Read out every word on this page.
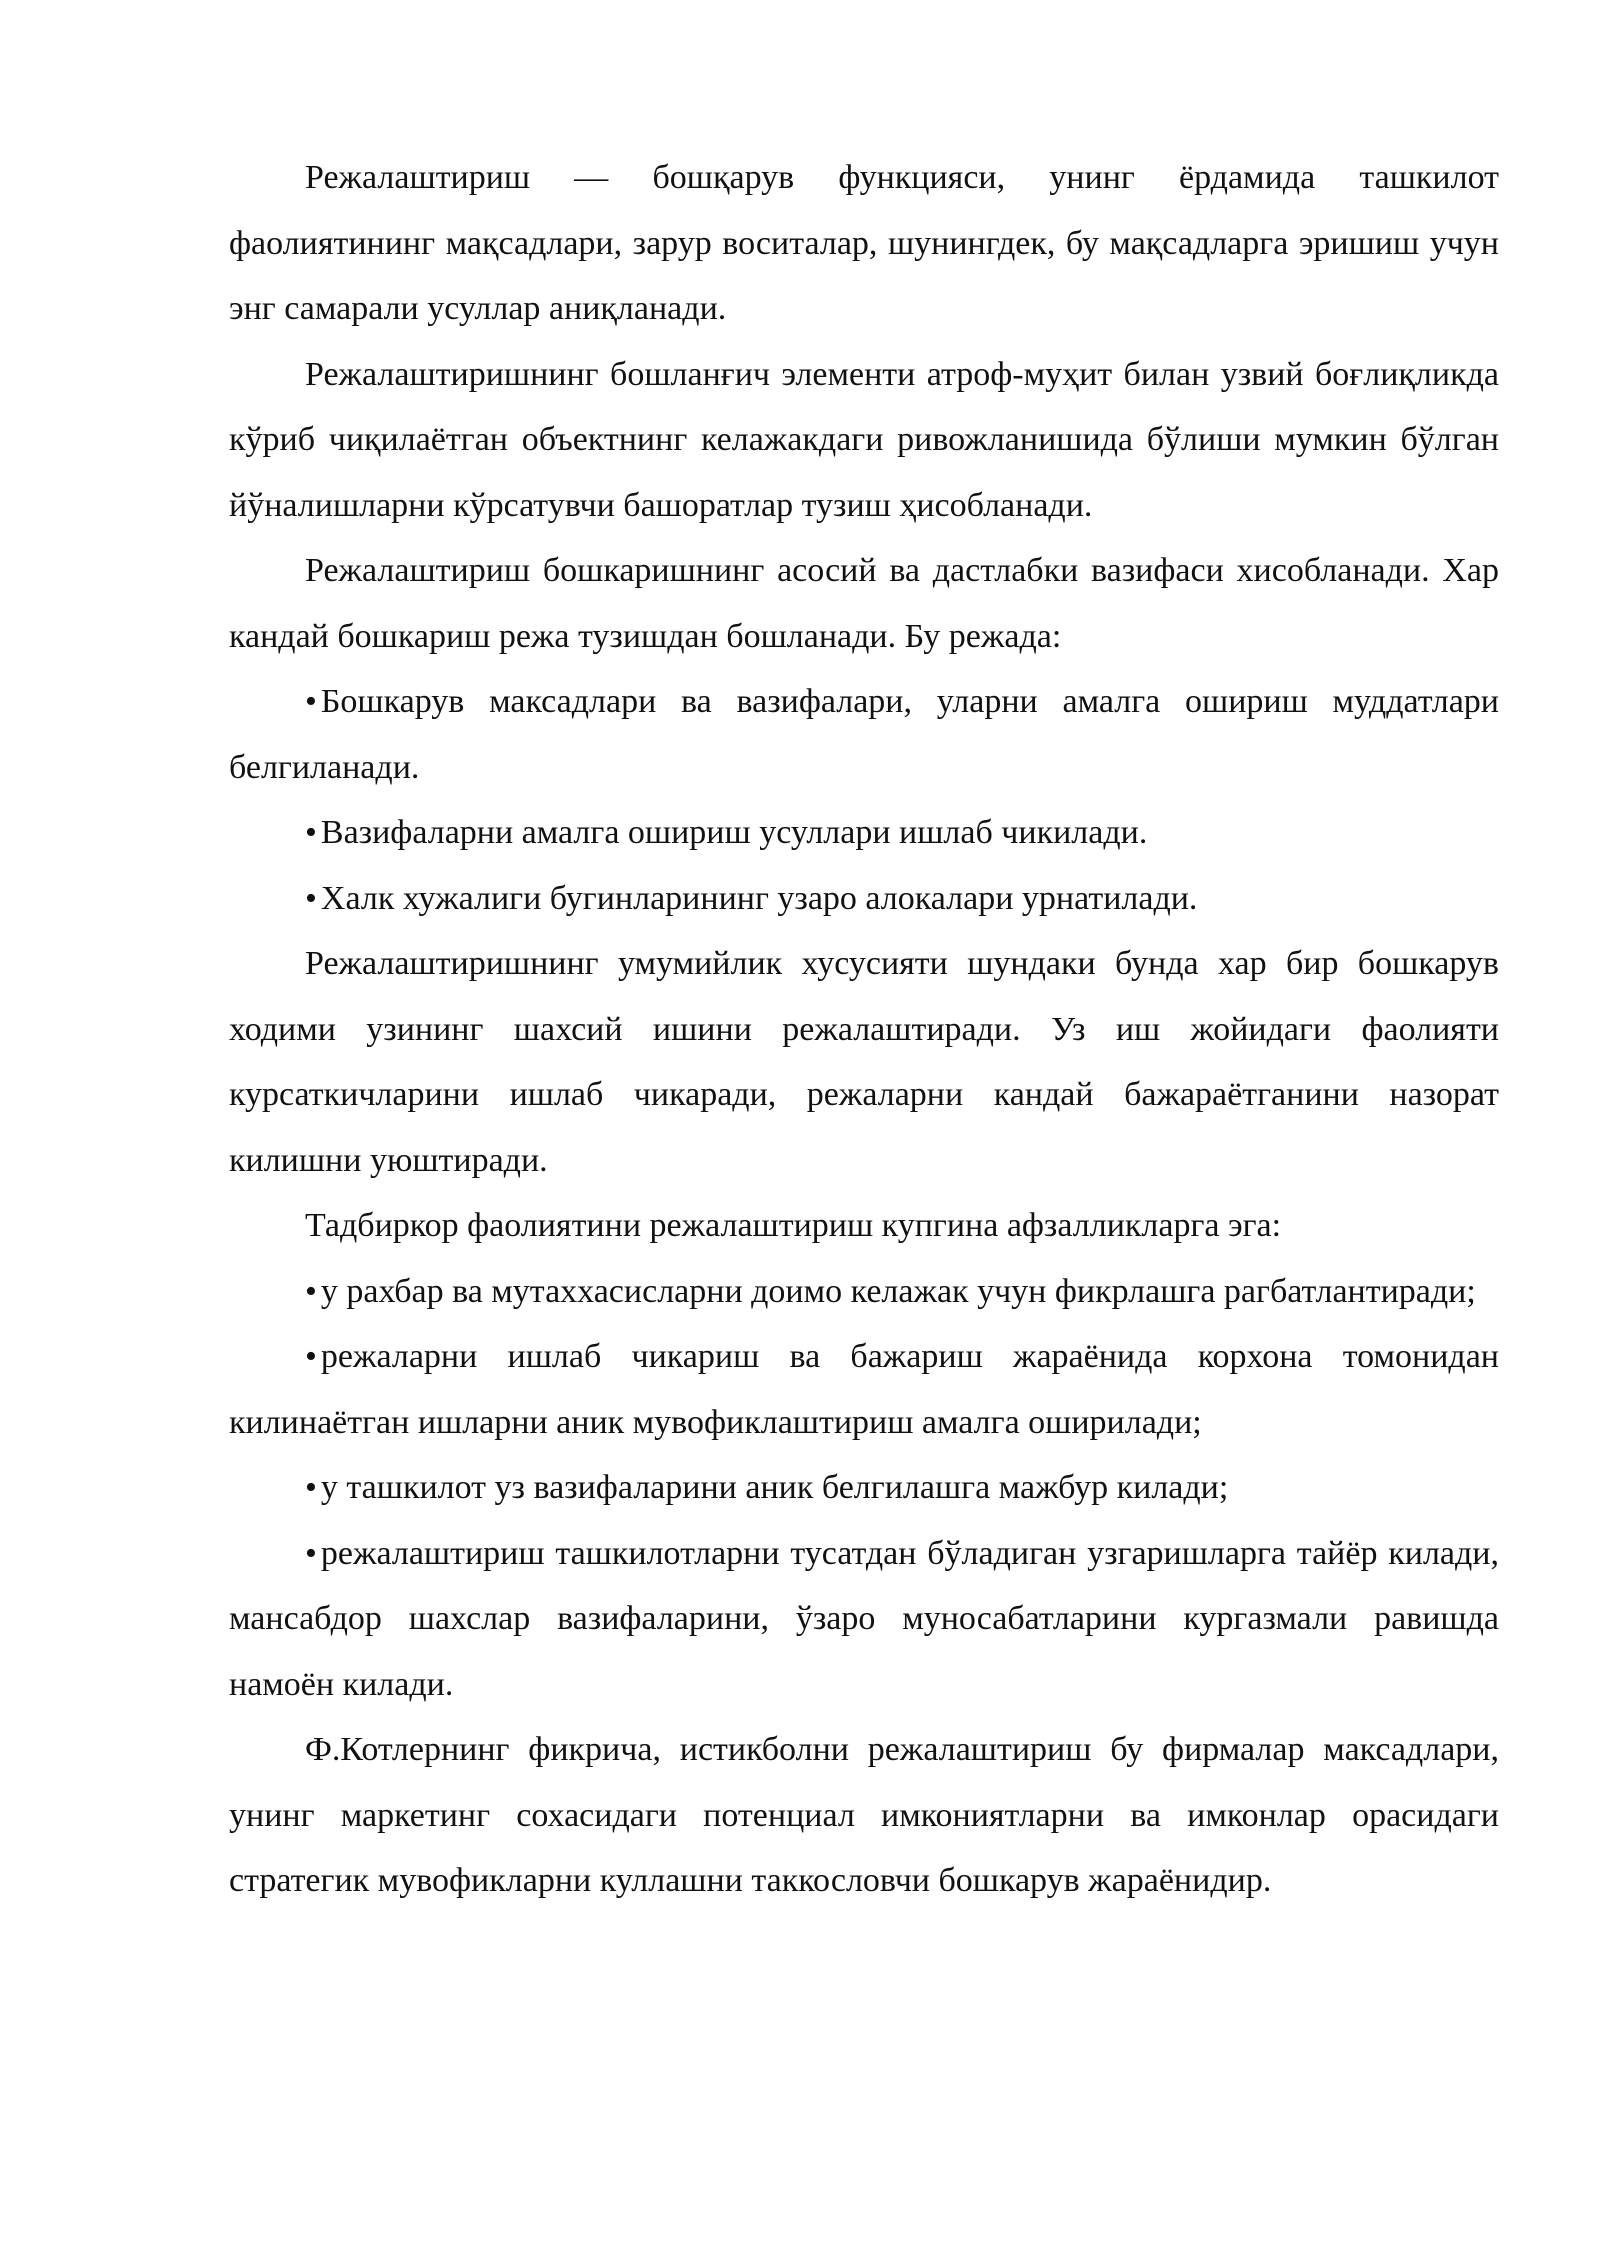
Режалаштириш — бошқарув функцияси, унинг ёрдамида ташкилот фаолиятининг мақсадлари, зарур воситалар, шунингдек, бу мақсадларга эришиш учун энг самарали усуллар аниқланади.

Режалаштиришнинг бошланғич элементи атроф-муҳит билан узвий боғлиқликда кўриб чиқилаётган объектнинг келажакдаги ривожланишида бўлиши мумкин бўлган йўналишларни кўрсатувчи башоратлар тузиш ҳисобланади.

Режалаштириш бошкаришнинг асосий ва дастлабки вазифаси хисобланади. Хар кандай бошкариш режа тузишдан бошланади. Бу режада:

• Бошкарув максадлари ва вазифалари, уларни амалга ошириш муддатлари белгиланади.

• Вазифаларни амалга ошириш усуллари ишлаб чикилади.

• Халк хужалиги бугинларининг узаро алокалари урнатилади.

Режалаштиришнинг умумийлик хусусияти шундаки бунда хар бир бошкарув ходими узининг шахсий ишини режалаштиради. Уз иш жойидаги фаолияти курсаткичларини ишлаб чикаради, режаларни кандай бажараётганини назорат килишни уюштиради.

Тадбиркор фаолиятини режалаштириш купгина афзалликларга эга:

• у рахбар ва мутаххасисларни доимо келажак учун фикрлашга рагбатлантиради;

• режаларни ишлаб чикариш ва бажариш жараёнида корхона томонидан килинаётган ишларни аник мувофиклаштириш амалга оширилади;

• у ташкилот уз вазифаларини аник белгилашга мажбур килади;

• режалаштириш ташкилотларни тусатдан бўладиган узгаришларга тайёр килади, мансабдор шахслар вазифаларини, ўзаро муносабатларини кургазмали равишда намоён килади.

Ф.Котлернинг фикрича, истикболни режалаштириш бу фирмалар максадлари, унинг маркетинг сохасидаги потенциал имкониятларни ва имконлар орасидаги стратегик мувофикларни куллашни таккословчи бошкарув жараёнидир.
